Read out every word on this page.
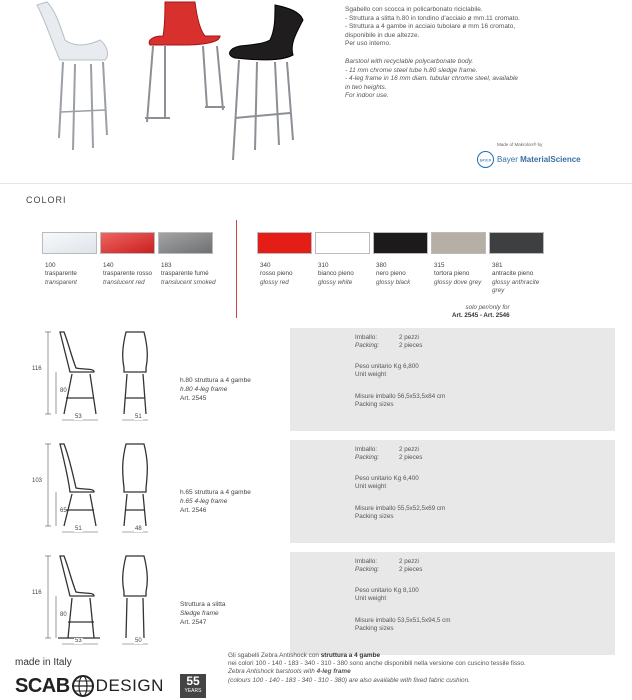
Sgabello con scocca in policarbonato riciclabile.

- Struttura a slitta h.80 in tondino d'acciaio ø mm.11 cromato.

- Struttura a 4 gambe in acciaio tubolare ø mm 16 cromato,

disponibile in due altezze.

Per uso interno.

Barstool with recyclable polycarbonate body.

- 11 mm chrome steel tube h.80 sledge frame.

- 4-leg frame in 16 mm diam. tubular chrome steel, available

in two heights.

For indoor use.

Made of Makrolon® by
BAYER Bayer MaterialScience
COLORI
100
trasparente
transparent
140
trasparente rosso
translucent red
183
trasparente fumé
translucent smoked
340
rosso pieno
glossy red
310
bianco pieno
glossy white
380
nero pieno
glossy black
315
tortora pieno
glossy dove grey
381
antracite pieno
glossy anthracite grey
solo per/only for
Art. 2545 - Art. 2546
116
80
53	51
h.80 struttura a 4 gambe
h.80 4-leg frame
Art. 2545
Imballo:	2 pezzi
Packing:	2 pieces
Peso unitario Kg 6,800
Unit weight
Misure imballo 56,5x53,5x84 cm
Packing sizes
103
65
51	48
h.65 struttura a 4 gambe
h.65 4-leg frame
Art. 2546
Imballo:	2 pezzi
Packing:	2 pieces
Peso unitario Kg 6,400
Unit weight
Misure imballo 55,5x52,5x69 cm
Packing sizes
116
80
53	50
Struttura a slitta
Sledge frame
Art. 2547
Imballo:	2 pezzi
Packing:	2 pieces
Peso unitario Kg 8,100
Unit weight
Misure imballo 53,5x51,5x94,5 cm
Packing sizes
made in Italy
SCAB DESIGN	55
YEARS
Gli sgabelli Zebra Antishock con struttura a 4 gambe
nei colori 100 - 140 - 183 - 340 - 310 - 380 sono anche disponibili nella versione con cuscino tessile fisso.
Zebra Antishock barstools with 4-leg frame
(colours 100 - 140 - 183 - 340 - 310 - 380) are also available with fixed fabric cushion.
